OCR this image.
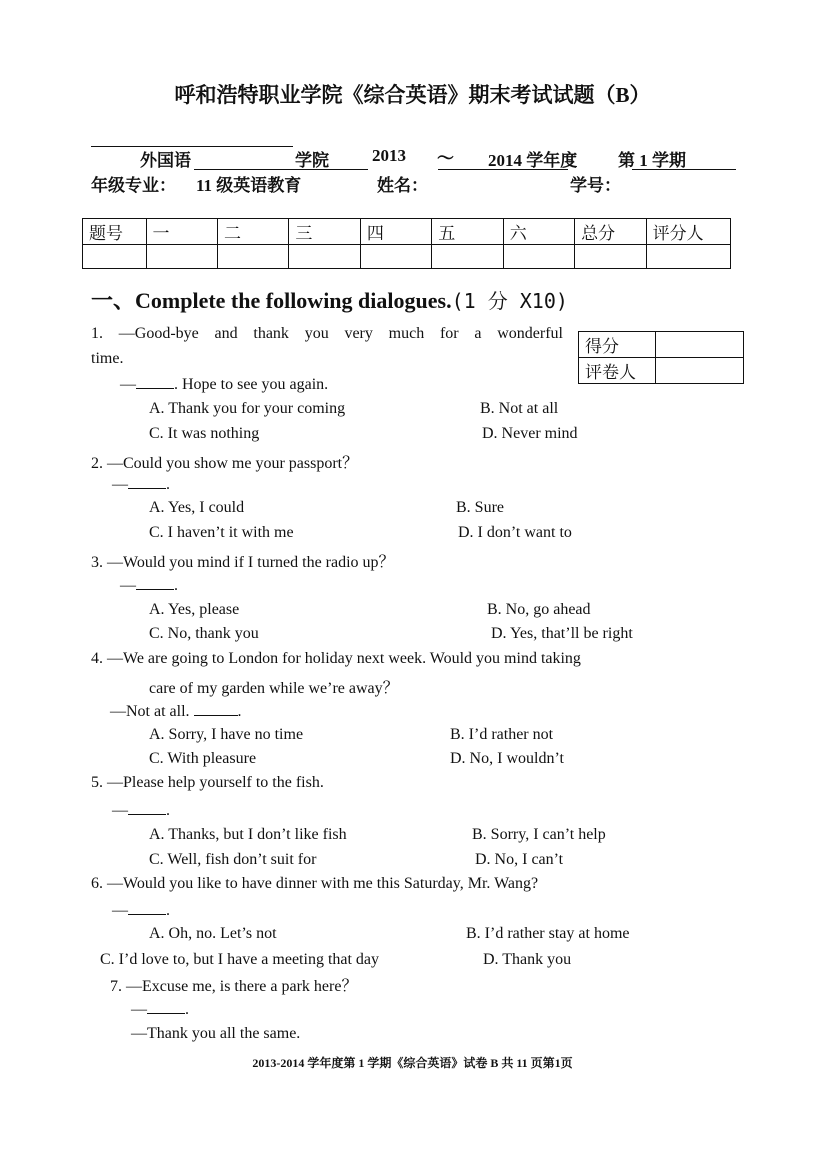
呼和浩特职业学院《综合英语》期末考试试题（B）
外国语	学院	2013 ～ 2014 学年度 第 1 学期
年级专业： 11 级英语教育	姓名：	学号：
题号	一	二	三	四	五	六	总分	评分人

一、Complete the following dialogues.(1 分 X10)
得分	
评卷人	
1. —Good-bye and thank you very much for a wonderful
time.
— . Hope to see you again.
A. Thank you for your coming	B. Not at all
C. It was nothing	D. Never mind
2. —Could you show me your passport？
— .
A. Yes, I could	B. Sure
C. I haven’t it with me	D. I don’t want to
3. —Would you mind if I turned the radio up？
— .
A. Yes, please	B. No, go ahead
C. No, thank you	D. Yes, that’ll be right
4. —We are going to London for holiday next week. Would you mind taking
care of my garden while we’re away？
—Not at all.	.
A. Sorry, I have no time	B. I’d rather not
C. With pleasure	D. No, I wouldn’t
5. —Please help yourself to the fish.
— .
A. Thanks, but I don’t like fish	B. Sorry, I can’t help
C. Well, fish don’t suit for	D. No, I can’t
6. —Would you like to have dinner with me this Saturday, Mr. Wang?
— .
A. Oh, no. Let’s not	B. I’d rather stay at home
C. I’d love to, but I have a meeting that day	D. Thank you
7. —Excuse me, is there a park here？
— .
—Thank you all the same.
2013-2014 学年度第 1 学期《综合英语》试卷 B 共 11 页第1页
